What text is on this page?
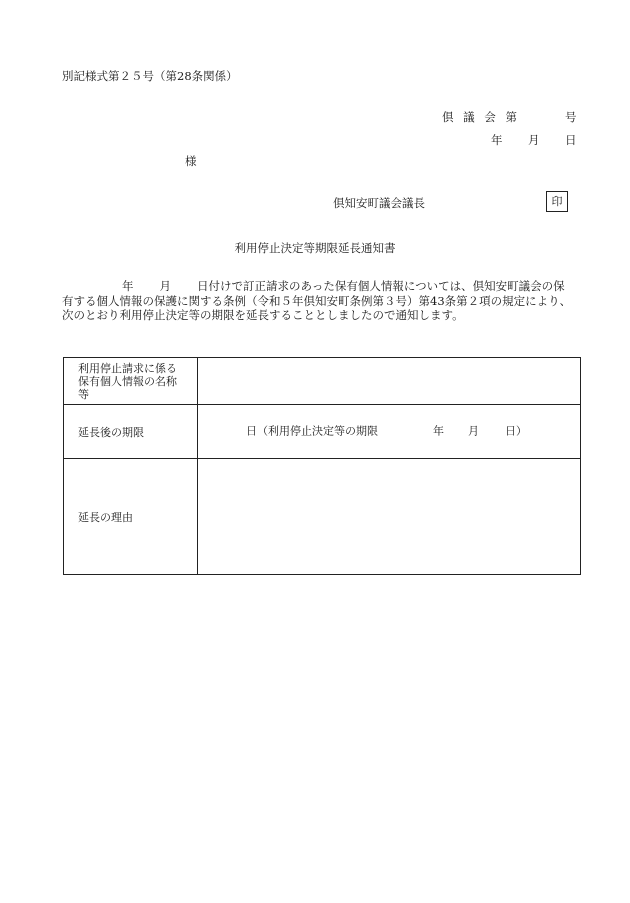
別記様式第２５号（第28条関係）
倶 議 会 第	号
年 月 日
様
倶知安町議会議長	印
利用停止決定等期限延長通知書
年 月 日付けで訂正請求のあった保有個人情報については、倶知安町議会の保
有する個人情報の保護に関する条例（令和５年倶知安町条例第３号）第43条第２項の規定により、
次のとおり利用停止決定等の期限を延長することとしましたので通知します。
利用停止請求に係る
保有個人情報の名称
等	

延長後の期限	日（利用停止決定等の期限 年 月 日）

延長の理由	
